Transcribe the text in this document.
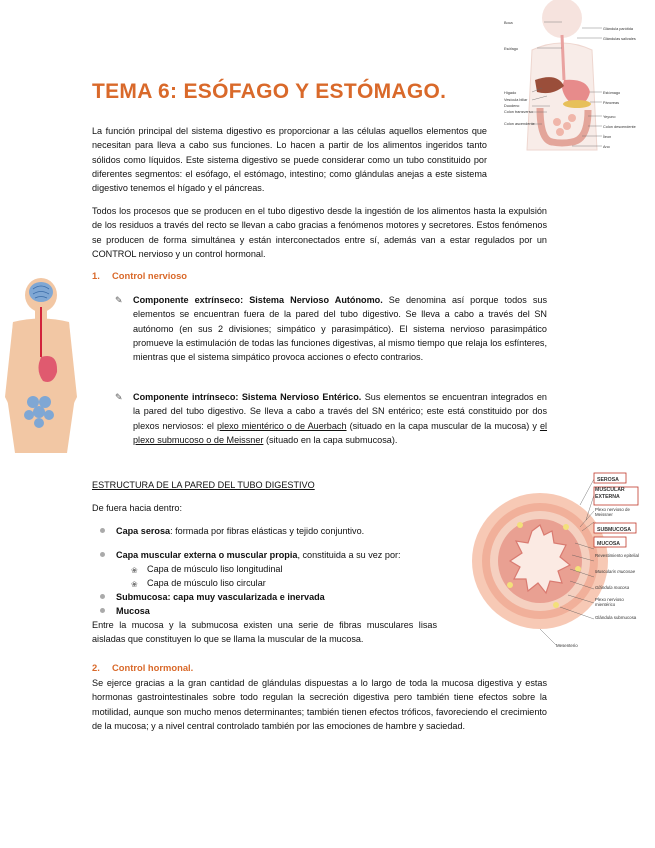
Boca
Esófago
Hígado
Vesícula biliar
Duodeno
Colon transverso
Colon ascendente
Glándula parótida
Glándulas salivales
Estómago
Páncreas
Yeyuno
Colon descendente
Íleon
Ano
TEMA 6: ESÓFAGO Y ESTÓMAGO.
La función principal del sistema digestivo es proporcionar a las células aquellos elementos que necesitan para lleva a cabo sus funciones. Lo hacen a partir de los alimentos ingeridos tanto sólidos como líquidos. Este sistema digestivo se puede considerar como un tubo constituido por diferentes segmentos: el esófago, el estómago, intestino; como glándulas anejas a este sistema digestivo tenemos el hígado y el páncreas.
Todos los procesos que se producen en el tubo digestivo desde la ingestión de los alimentos hasta la expulsión de los residuos a través del recto se llevan a cabo gracias a fenómenos motores y secretores. Estos fenómenos se producen de forma simultánea y están interconectados entre sí, además van a estar regulados por un CONTROL nervioso y un control hormonal.
1. Control nervioso
✎ Componente extrínseco: Sistema Nervioso Autónomo. Se denomina así porque todos sus elementos se encuentran fuera de la pared del tubo digestivo. Se lleva a cabo a través del SN autónomo (en sus 2 divisiones; simpático y parasimpático). El sistema nervioso parasimpático promueve la estimulación de todas las funciones digestivas, al mismo tiempo que relaja los esfínteres, mientras que el sistema simpático provoca acciones o efecto contrarios.
✎ Componente intrínseco: Sistema Nervioso Entérico. Sus elementos se encuentran integrados en la pared del tubo digestivo. Se lleva a cabo a través del SN entérico; este está constituido por dos plexos nerviosos: el plexo mientérico o de Auerbach (situado en la capa muscular de la mucosa) y el plexo submucoso o de Meissner (situado en la capa submucosa).
ESTRUCTURA DE LA PARED DEL TUBO DIGESTIVO
De fuera hacia dentro:
Capa serosa: formada por fibras elásticas y tejido conjuntivo.
Capa muscular externa o muscular propia, constituida a su vez por:
❀ Capa de músculo liso longitudinal
❀ Capa de músculo liso circular
Submucosa: capa muy vascularizada e inervada
Mucosa
Entre la mucosa y la submucosa existen una serie de fibras musculares lisas aisladas que constituyen lo que se llama la muscular de la mucosa.
SEROSA
MUSCULAR EXTERNA
Plexo nervioso de Meissner
SUBMUCOSA
MUCOSA
Revestimiento epitelial
Muscularis mucosae
Glándula mucosa
Plexo nervioso mientérico
Glándula submucosa
Mesenterio
2. Control hormonal.
Se ejerce gracias a la gran cantidad de glándulas dispuestas a lo largo de toda la mucosa digestiva y estas hormonas gastrointestinales sobre todo regulan la secreción digestiva pero también tiene efectos sobre la motilidad, aunque son mucho menos determinantes; también tienen efectos tróficos, favoreciendo el crecimiento de la mucosa; y a nivel central controlado también por las emociones de hambre y saciedad.
